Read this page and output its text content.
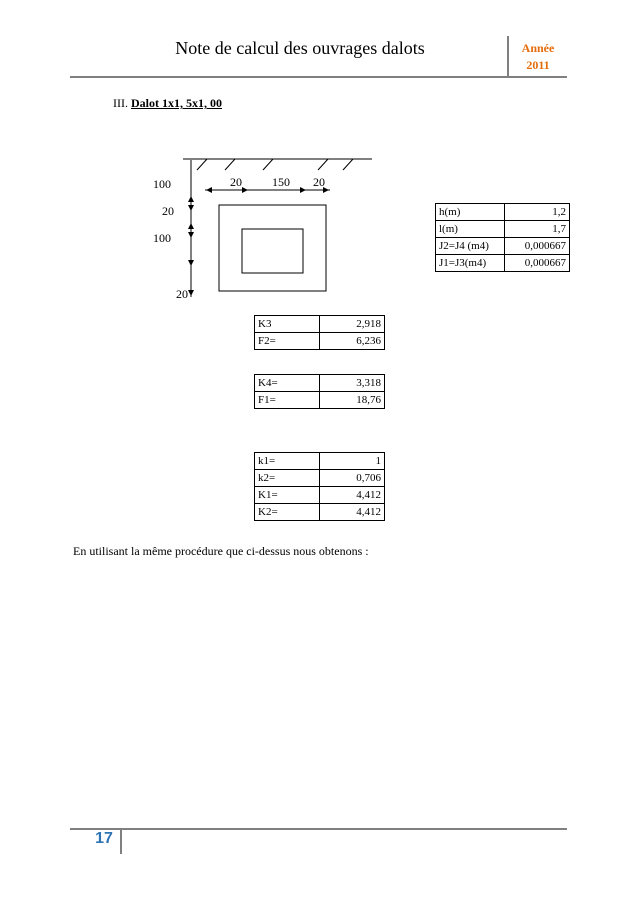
Note de calcul des ouvrages dalots	Année
2011
III. Dalot 1x1, 5x1, 00
100
20
100
20
20	150 20
h(m)	1,2
l(m)	1,7
J2=J4 (m4)	0,000667
J1=J3(m4)	0,000667
K3	2,918
F2=	6,236
K4=	3,318
F1=	18,76
k1=	1
k2=	0,706
K1=	4,412
K2=	4,412
En utilisant la même procédure que ci-dessus nous obtenons :
17
